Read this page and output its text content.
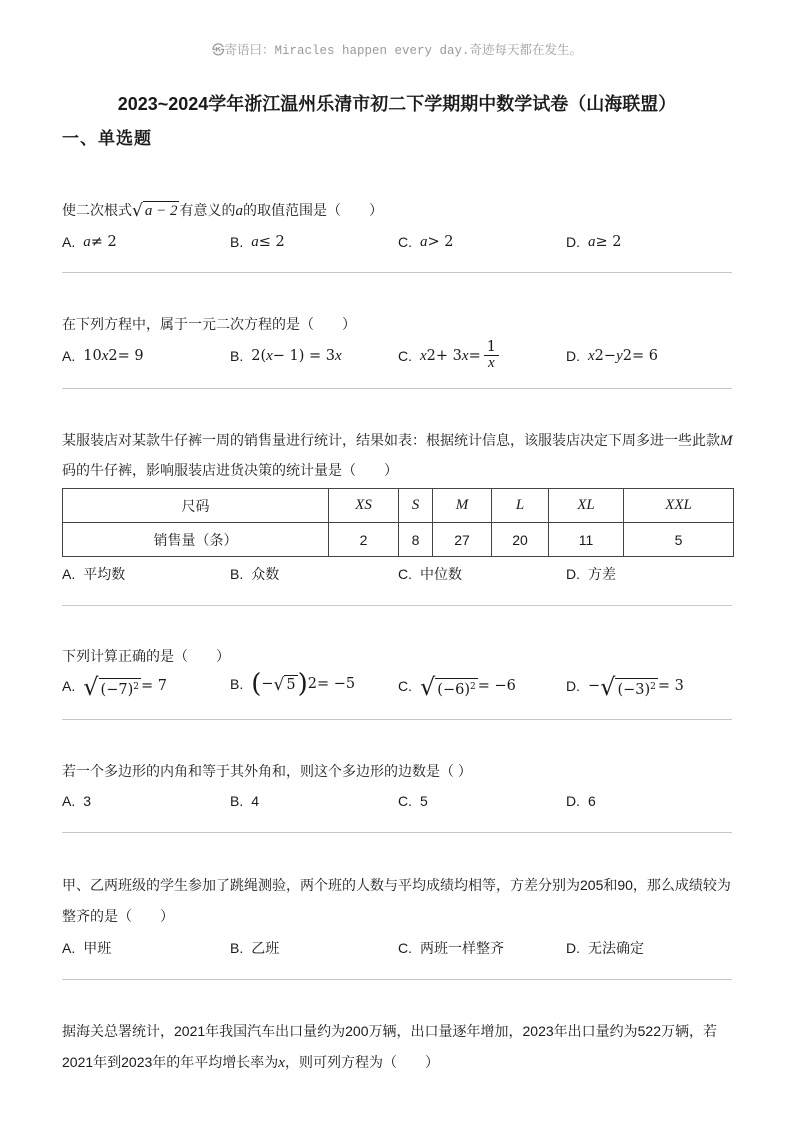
㉿寄语曰：Miracles happen every day.奇迹每天都在发生。
2023~2024学年浙江温州乐清市初二下学期期中数学试卷（山海联盟）
一、单选题
使二次根式 √ a − 2 有意义的a的取值范围是（　　）
A. a ≠ 2	B. a ≤ 2	C. a > 2	D. a ≥ 2
在下列方程中，属于一元二次方程的是（　　）
A. 10 x 2 = 9	B. 2( x − 1) = 3 x	C. x 2 + 3 $x = \frac{1}{x}$	D. x 2 − y 2 = 6
某服装店对某款牛仔裤一周的销售量进行统计，结果如表：根据统计信息，该服装店决定下周多进一些此款M
码的牛仔裤，影响服装店进货决策的统计量是（　　）
尺码	XS	S	M	L	XL	XXL
销售量（条）	2	8	27	20	11	5
A. 平均数	B. 众数	C. 中位数	D. 方差
下列计算正确的是（　　）
A. √ $(-7)^2 = 7$	B. ( − √ 5 ) 2 = −5	C. √ $(-6)^2 = -6$	D. − √ $(-3)^2 = 3$
若一个多边形的内角和等于其外角和，则这个多边形的边数是（ ）
A. 3	B. 4	C. 5	D. 6
甲、乙两班级的学生参加了跳绳测验，两个班的人数与平均成绩均相等，方差分别为205和90，那么成绩较为
整齐的是（　　）
A. 甲班	B. 乙班	C. 两班一样整齐	D. 无法确定
据海关总署统计，2021年我国汽车出口量约为200万辆，出口量逐年增加，2023年出口量约为522万辆，若
2021年到2023年的年平均增长率为x，则可列方程为（　　）
